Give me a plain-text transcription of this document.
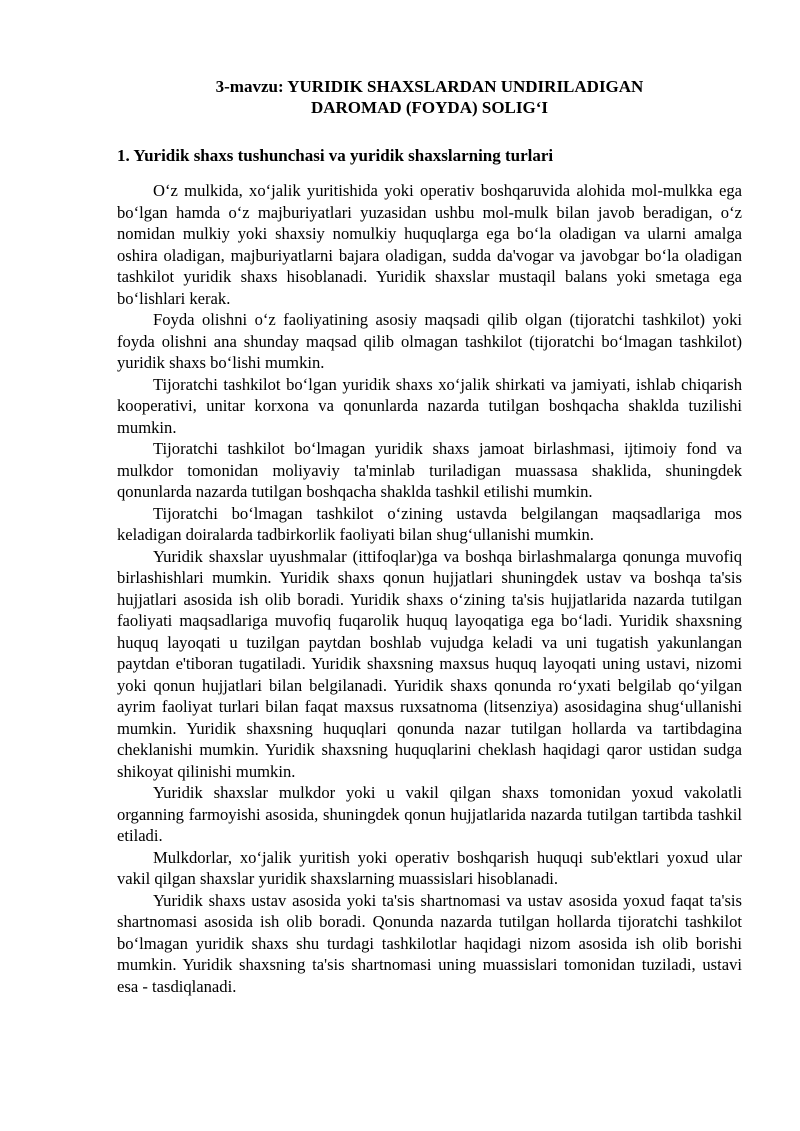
3-mavzu: YURIDIK SHAXSLARDAN UNDIRILADIGAN
DAROMAD (FOYDA) SOLIG‘I
1. Yuridik shaxs tushunchasi va yuridik shaxslarning turlari

O‘z mulkida, xo‘jalik yuritishida yoki operativ boshqaruvida alohida mol-mulkka ega bo‘lgan hamda o‘z majburiyatlari yuzasidan ushbu mol-mulk bilan javob beradigan, o‘z nomidan mulkiy yoki shaxsiy nomulkiy huquqlarga ega bo‘la oladigan va ularni amalga oshira oladigan, majburiyatlarni bajara oladigan, sudda da'vogar va javobgar bo‘la oladigan tashkilot yuridik shaxs hisoblanadi. Yuridik shaxslar mustaqil balans yoki smetaga ega bo‘lishlari kerak.

Foyda olishni o‘z faoliyatining asosiy maqsadi qilib olgan (tijoratchi tashkilot) yoki foyda olishni ana shunday maqsad qilib olmagan tashkilot (tijoratchi bo‘lmagan tashkilot) yuridik shaxs bo‘lishi mumkin.

Tijoratchi tashkilot bo‘lgan yuridik shaxs xo‘jalik shirkati va jamiyati, ishlab chiqarish kooperativi, unitar korxona va qonunlarda nazarda tutilgan boshqacha shaklda tuzilishi mumkin.

Tijoratchi tashkilot bo‘lmagan yuridik shaxs jamoat birlashmasi, ijtimoiy fond va mulkdor tomonidan moliyaviy ta'minlab turiladigan muassasa shaklida, shuningdek qonunlarda nazarda tutilgan boshqacha shaklda tashkil etilishi mumkin.

Tijoratchi bo‘lmagan tashkilot o‘zining ustavda belgilangan maqsadlariga mos keladigan doiralarda tadbirkorlik faoliyati bilan shug‘ullanishi mumkin.

Yuridik shaxslar uyushmalar (ittifoqlar)ga va boshqa birlashmalarga qonunga muvofiq birlashishlari mumkin. Yuridik shaxs qonun hujjatlari shuningdek ustav va boshqa ta'sis hujjatlari asosida ish olib boradi. Yuridik shaxs o‘zining ta'sis hujjatlarida nazarda tutilgan faoliyati maqsadlariga muvofiq fuqarolik huquq layoqatiga ega bo‘ladi. Yuridik shaxsning huquq layoqati u tuzilgan paytdan boshlab vujudga keladi va uni tugatish yakunlangan paytdan e'tiboran tugatiladi. Yuridik shaxsning maxsus huquq layoqati uning ustavi, nizomi yoki qonun hujjatlari bilan belgilanadi. Yuridik shaxs qonunda ro‘yxati belgilab qo‘yilgan ayrim faoliyat turlari bilan faqat maxsus ruxsatnoma (litsenziya) asosidagina shug‘ullanishi mumkin. Yuridik shaxsning huquqlari qonunda nazar tutilgan hollarda va tartibdagina cheklanishi mumkin. Yuridik shaxsning huquqlarini cheklash haqidagi qaror ustidan sudga shikoyat qilinishi mumkin.

Yuridik shaxslar mulkdor yoki u vakil qilgan shaxs tomonidan yoxud vakolatli organning farmoyishi asosida, shuningdek qonun hujjatlarida nazarda tutilgan tartibda tashkil etiladi.

Mulkdorlar, xo‘jalik yuritish yoki operativ boshqarish huquqi sub'ektlari yoxud ular vakil qilgan shaxslar yuridik shaxslarning muassislari hisoblanadi.

Yuridik shaxs ustav asosida yoki ta'sis shartnomasi va ustav asosida yoxud faqat ta'sis shartnomasi asosida ish olib boradi. Qonunda nazarda tutilgan hollarda tijoratchi tashkilot bo‘lmagan yuridik shaxs shu turdagi tashkilotlar haqidagi nizom asosida ish olib borishi mumkin. Yuridik shaxsning ta'sis shartnomasi uning muassislari tomonidan tuziladi, ustavi esa - tasdiqlanadi.
